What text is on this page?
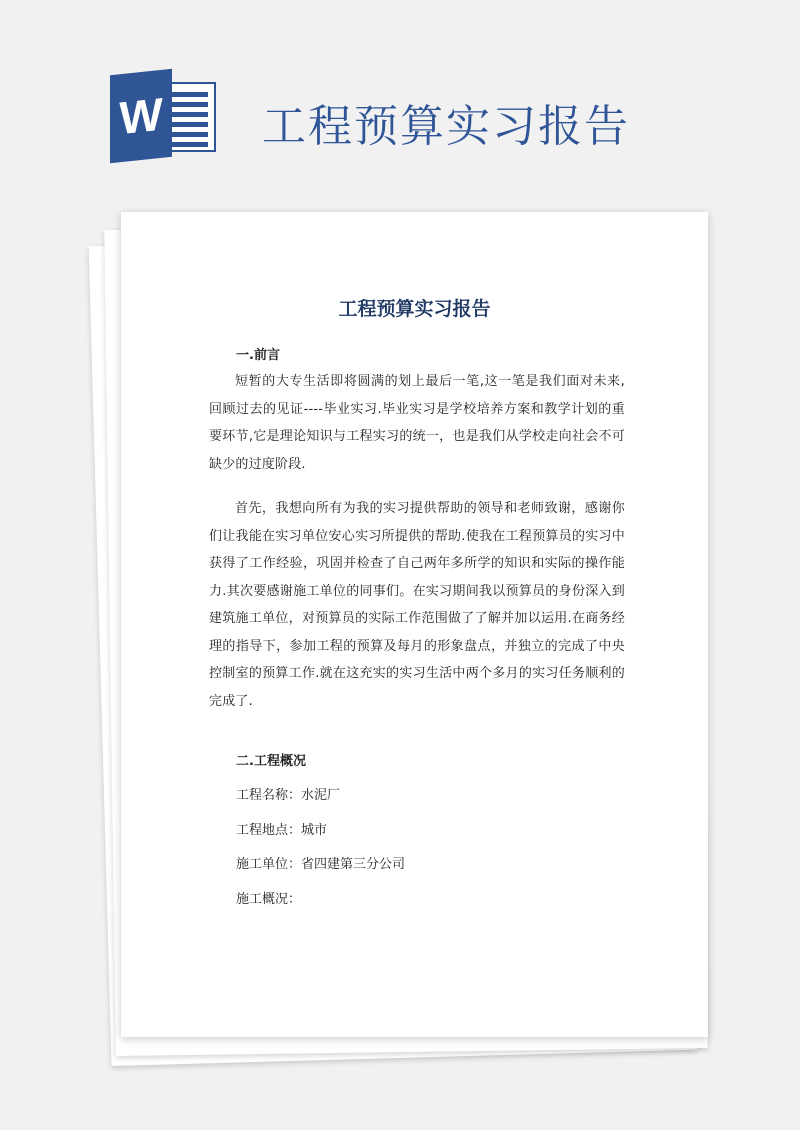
W 工程预算实习报告
工程预算实习报告
一.前言
短暂的大专生活即将圆满的划上最后一笔,这一笔是我们面对未来,回顾过去的见证----毕业实习.毕业实习是学校培养方案和教学计划的重要环节,它是理论知识与工程实习的统一，也是我们从学校走向社会不可缺少的过度阶段.
首先，我想向所有为我的实习提供帮助的领导和老师致谢，感谢你们让我能在实习单位安心实习所提供的帮助.使我在工程预算员的实习中获得了工作经验，巩固并检查了自己两年多所学的知识和实际的操作能力.其次要感谢施工单位的同事们。在实习期间我以预算员的身份深入到建筑施工单位，对预算员的实际工作范围做了了解并加以运用.在商务经理的指导下，参加工程的预算及每月的形象盘点，并独立的完成了中央控制室的预算工作.就在这充实的实习生活中两个多月的实习任务顺利的完成了.
二.工程概况
工程名称：水泥厂
工程地点：城市
施工单位：省四建第三分公司
施工概况：
